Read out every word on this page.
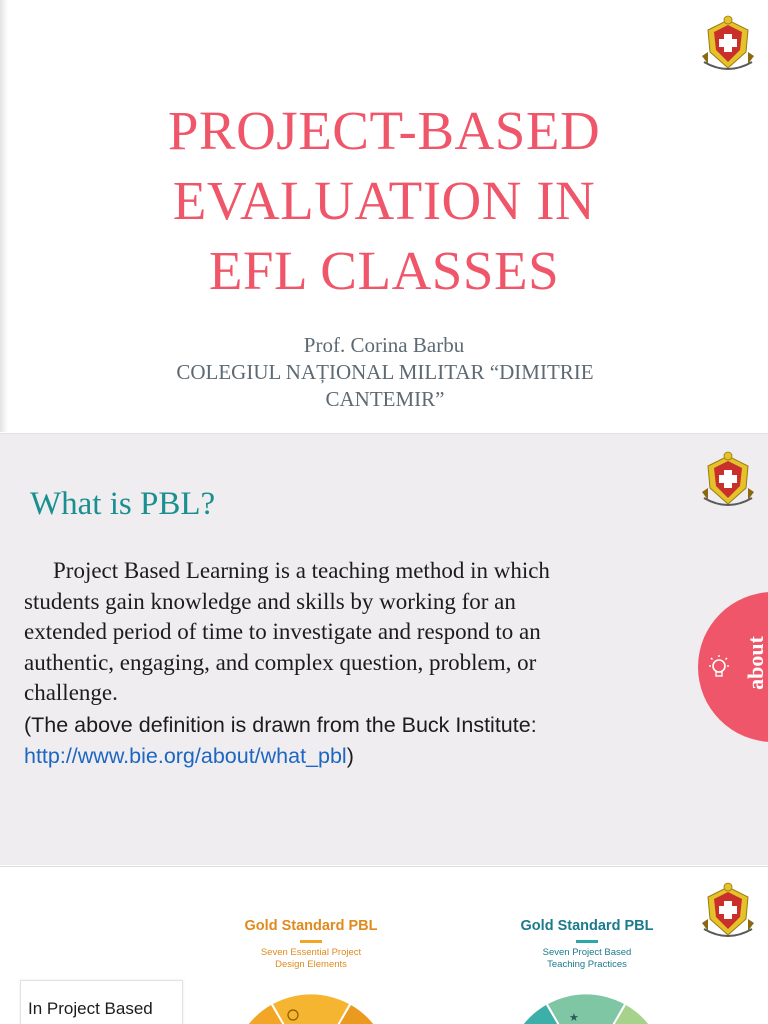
PROJECT-BASED
EVALUATION IN
EFL CLASSES
Prof. Corina Barbu
COLEGIUL NAȚIONAL MILITAR “DIMITRIE CANTEMIR”
What is PBL?
Project Based Learning is a teaching method in which students gain knowledge and skills by working for an extended period of time to investigate and respond to an authentic, engaging, and complex question, problem, or challenge.
(The above definition is drawn from the Buck Institute: http://www.bie.org/about/what_pbl)
about
Gold Standard PBL
Seven Essential Project
Design Elements
Gold Standard PBL
Seven Project Based
Teaching Practices
★
In Project Based
